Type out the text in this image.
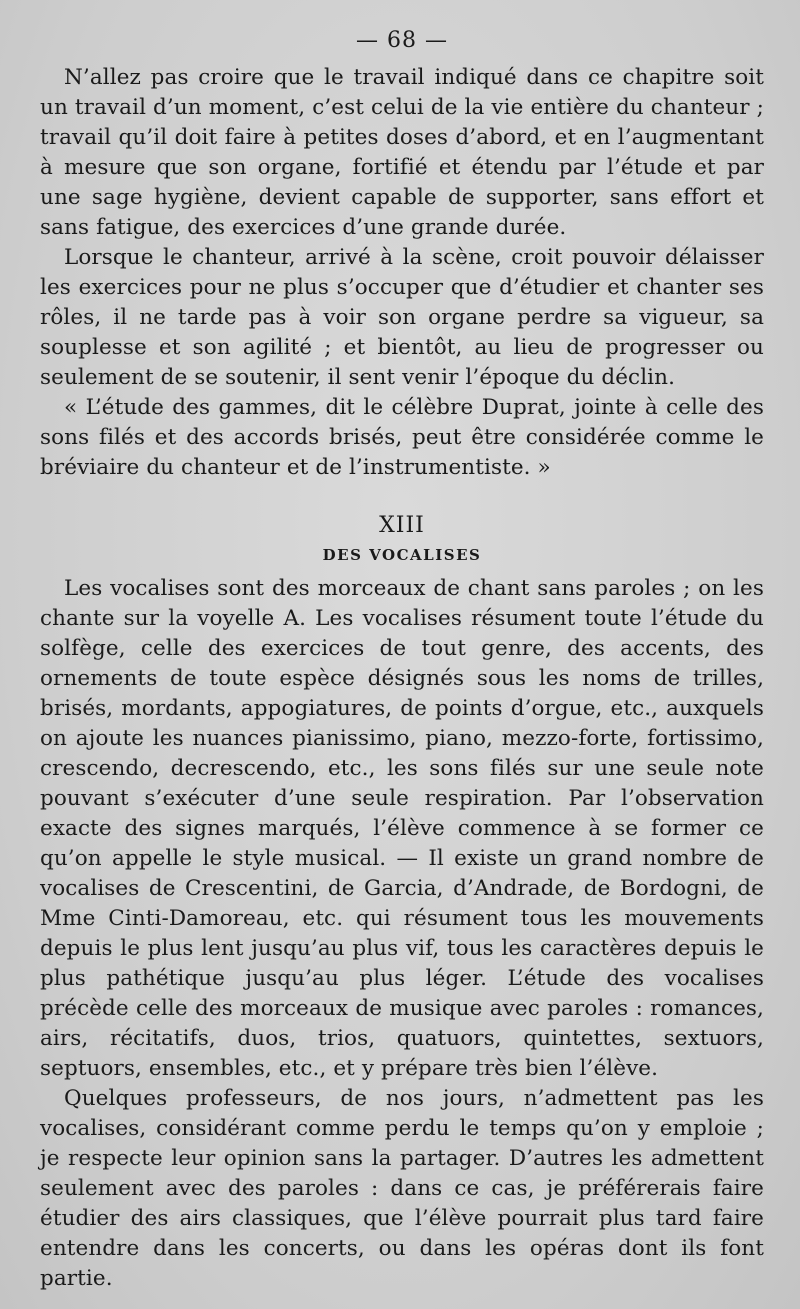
— 68 —

N’allez pas croire que le travail indiqué dans ce chapitre soit un travail d’un moment, c’est celui de la vie entière du chanteur ; travail qu’il doit faire à petites doses d’abord, et en l’augmentant à mesure que son organe, fortifié et étendu par l’étude et par une sage hygiène, devient capable de supporter, sans effort et sans fatigue, des exercices d’une grande durée.

Lorsque le chanteur, arrivé à la scène, croit pouvoir délaisser les exercices pour ne plus s’occuper que d’étudier et chanter ses rôles, il ne tarde pas à voir son organe perdre sa vigueur, sa souplesse et son agilité ; et bientôt, au lieu de progresser ou seulement de se soutenir, il sent venir l’époque du déclin.

« L’étude des gammes, dit le célèbre Duprat, jointe à celle des sons filés et des accords brisés, peut être considérée comme le bréviaire du chanteur et de l’instrumentiste. »

XIII
DES VOCALISES

Les vocalises sont des morceaux de chant sans paroles ; on les chante sur la voyelle A. Les vocalises résument toute l’étude du solfège, celle des exercices de tout genre, des accents, des ornements de toute espèce désignés sous les noms de trilles, brisés, mordants, appogiatures, de points d’orgue, etc., auxquels on ajoute les nuances pianissimo, piano, mezzo-forte, fortissimo, crescendo, decrescendo, etc., les sons filés sur une seule note pouvant s’exécuter d’une seule respiration. Par l’observation exacte des signes marqués, l’élève commence à se former ce qu’on appelle le style musical. — Il existe un grand nombre de vocalises de Crescentini, de Garcia, d’Andrade, de Bordogni, de Mme Cinti-Damoreau, etc. qui résument tous les mouvements depuis le plus lent jusqu’au plus vif, tous les caractères depuis le plus pathétique jusqu’au plus léger. L’étude des vocalises précède celle des morceaux de musique avec paroles : romances, airs, récitatifs, duos, trios, quatuors, quintettes, sextuors, septuors, ensembles, etc., et y prépare très bien l’élève.

Quelques professeurs, de nos jours, n’admettent pas les vocalises, considérant comme perdu le temps qu’on y emploie ; je respecte leur opinion sans la partager. D’autres les admettent seulement avec des paroles : dans ce cas, je préférerais faire étudier des airs classiques, que l’élève pourrait plus tard faire entendre dans les concerts, ou dans les opéras dont ils font partie.
